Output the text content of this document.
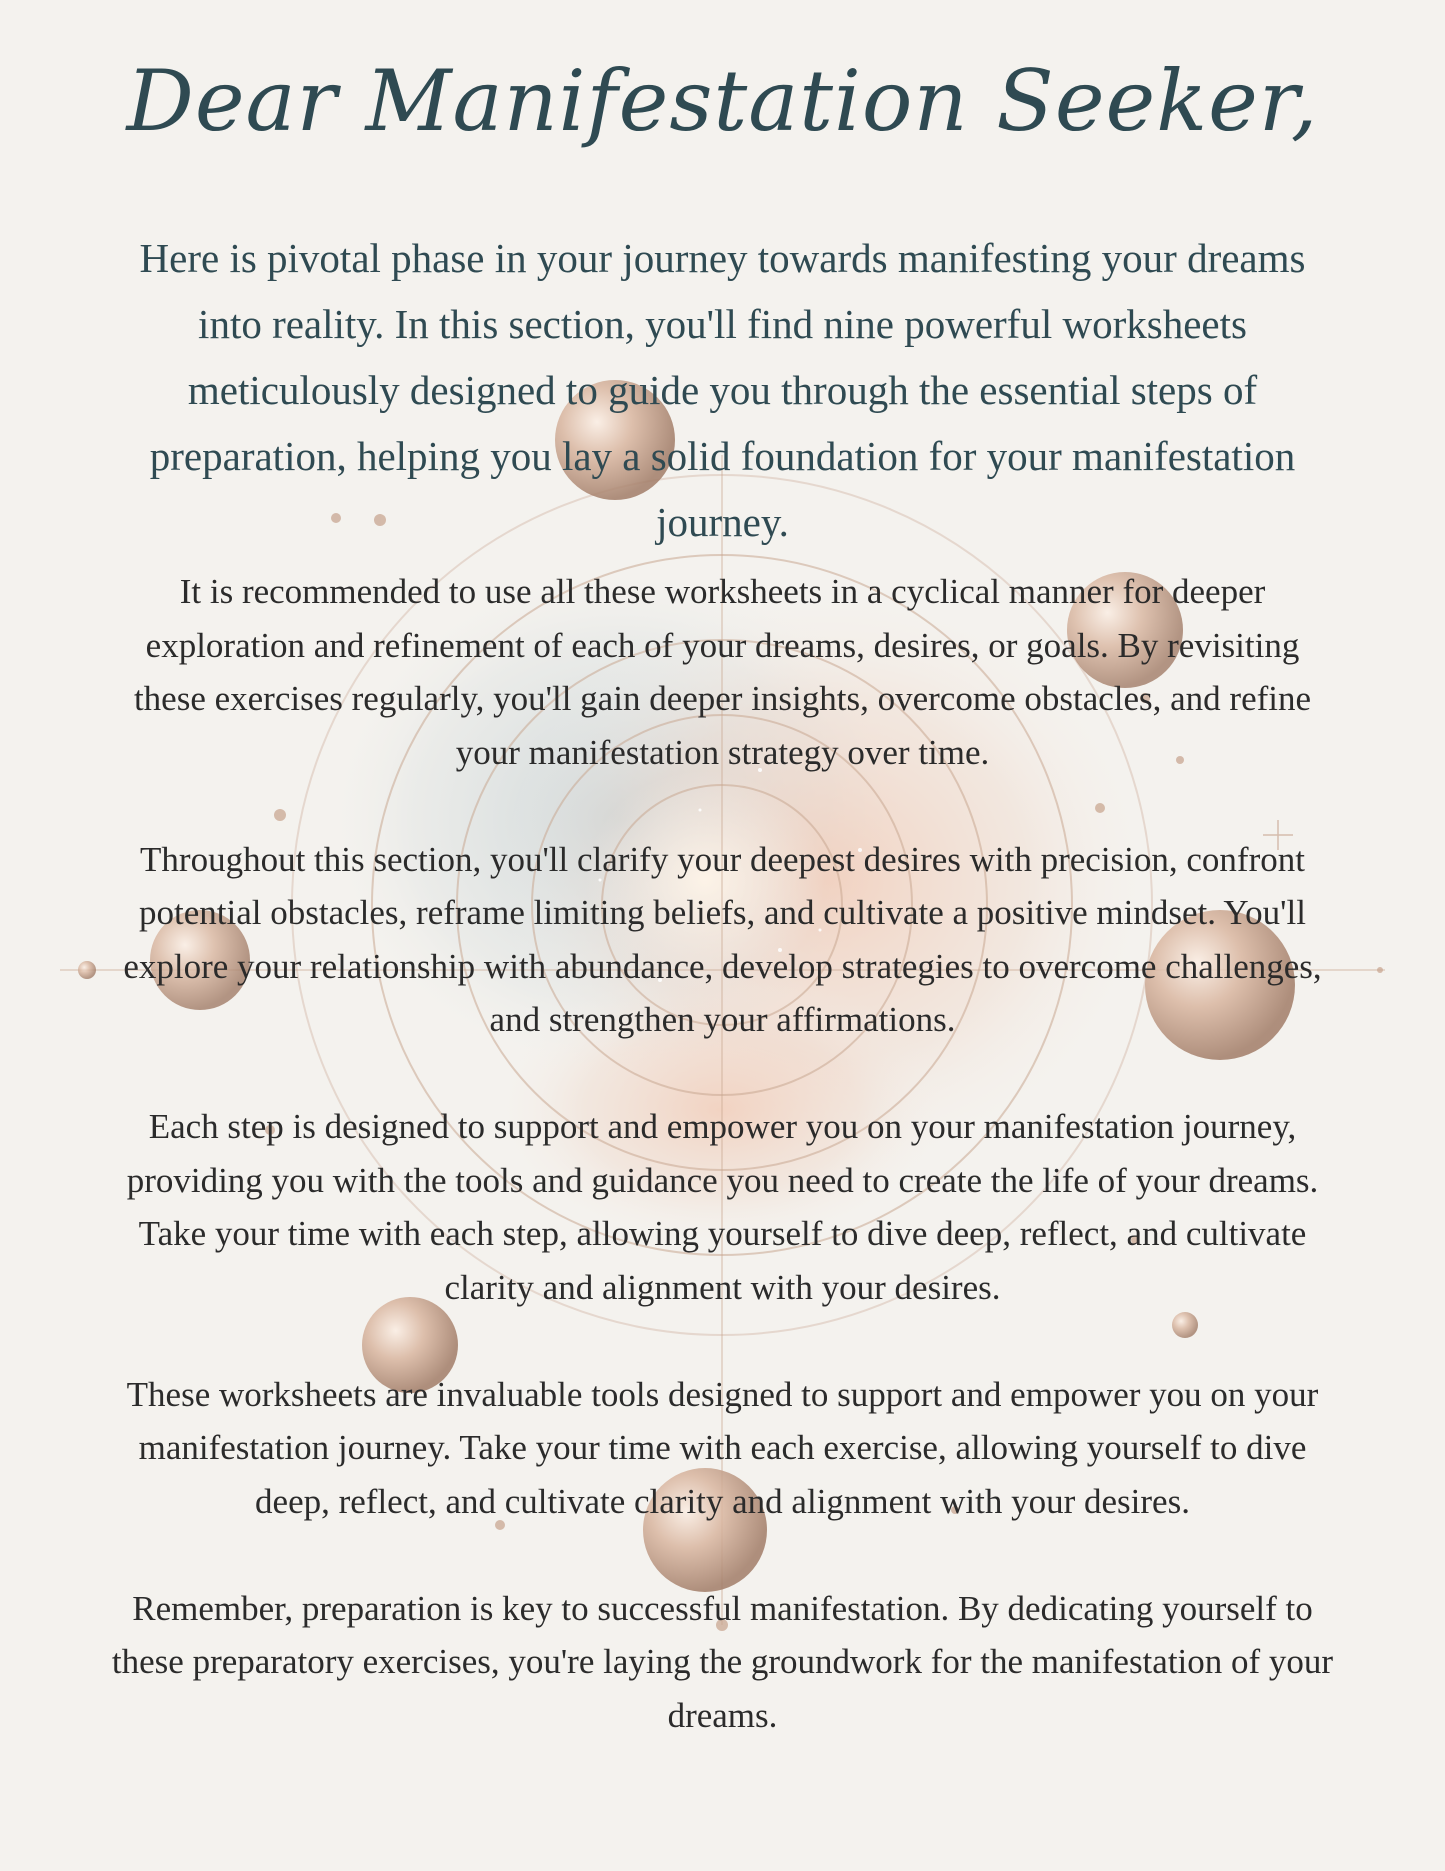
Dear Manifestation Seeker,
Here is pivotal phase in your journey towards manifesting your dreams into reality. In this section, you'll find nine powerful worksheets meticulously designed to guide you through the essential steps of preparation, helping you lay a solid foundation for your manifestation journey.

It is recommended to use all these worksheets in a cyclical manner for deeper exploration and refinement of each of your dreams, desires, or goals. By revisiting these exercises regularly, you'll gain deeper insights, overcome obstacles, and refine your manifestation strategy over time.

Throughout this section, you'll clarify your deepest desires with precision, confront potential obstacles, reframe limiting beliefs, and cultivate a positive mindset. You'll explore your relationship with abundance, develop strategies to overcome challenges, and strengthen your affirmations.

Each step is designed to support and empower you on your manifestation journey, providing you with the tools and guidance you need to create the life of your dreams. Take your time with each step, allowing yourself to dive deep, reflect, and cultivate clarity and alignment with your desires.

These worksheets are invaluable tools designed to support and empower you on your manifestation journey. Take your time with each exercise, allowing yourself to dive deep, reflect, and cultivate clarity and alignment with your desires.

Remember, preparation is key to successful manifestation. By dedicating yourself to these preparatory exercises, you're laying the groundwork for the manifestation of your dreams.
